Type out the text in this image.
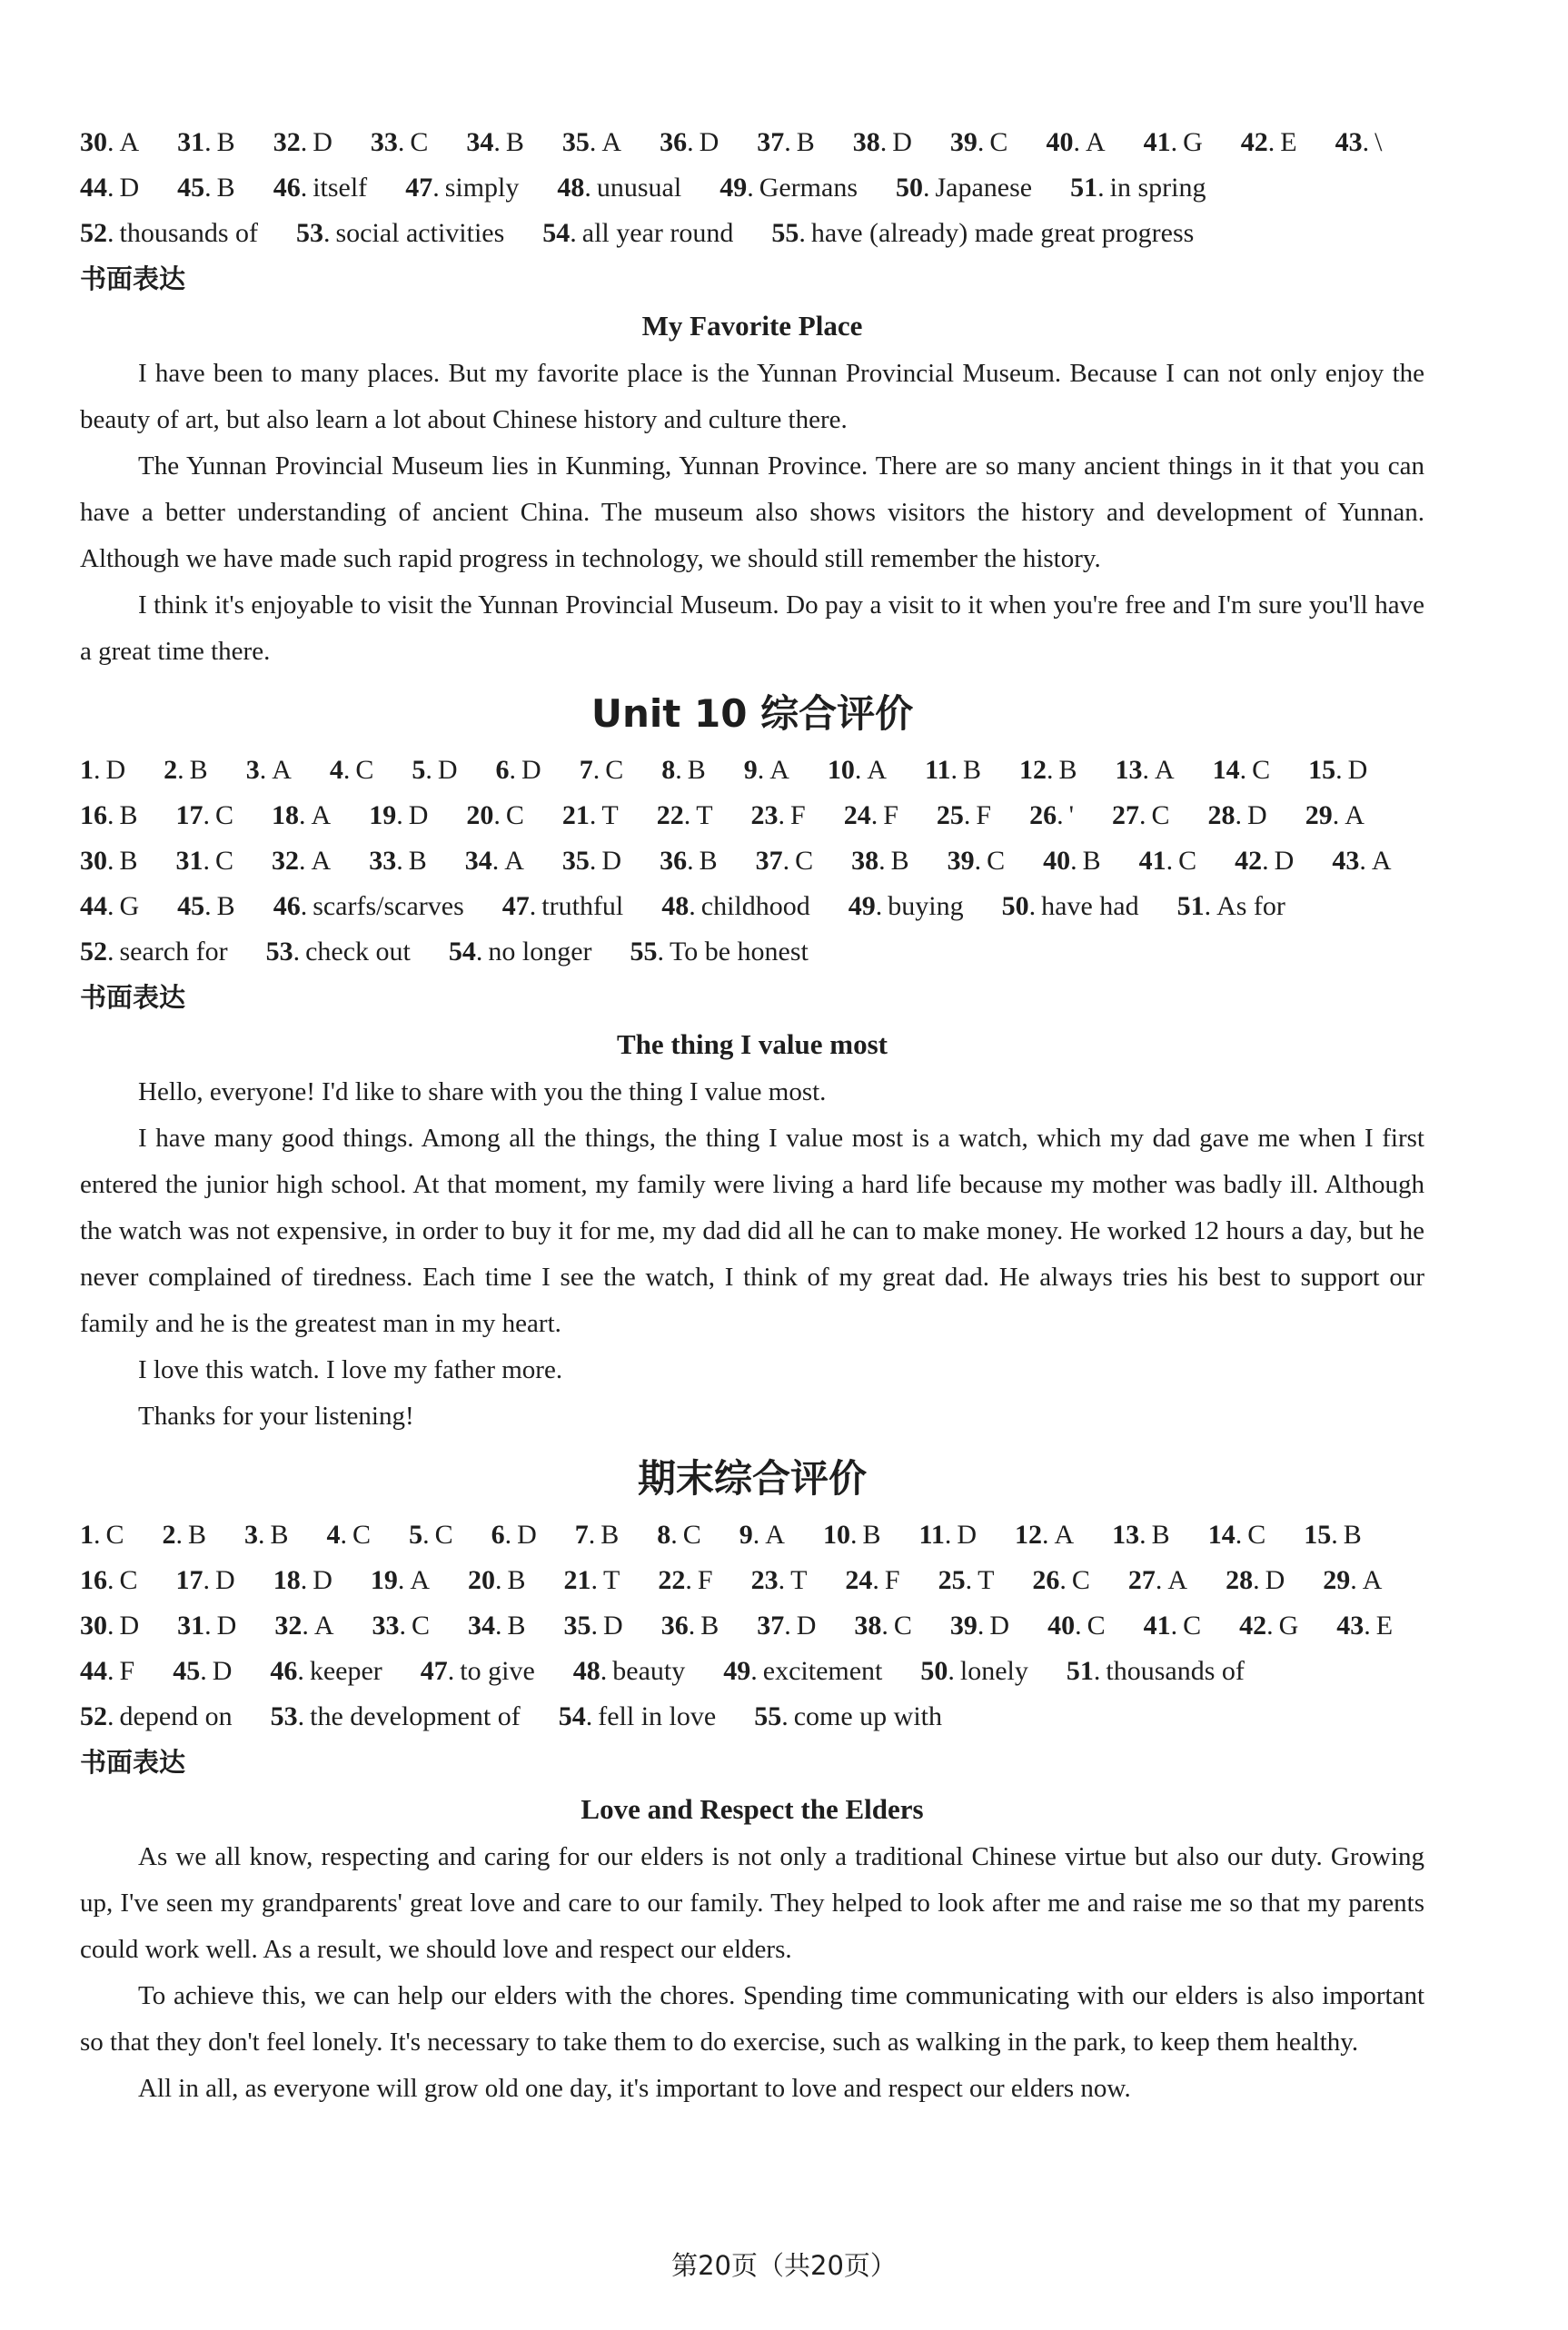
30. A 31. B 32. D 33. C 34. B 35. A 36. D 37. B 38. D 39. C 40. A 41. G 42. E 43. \
44. D 45. B 46. itself 47. simply 48. unusual 49. Germans 50. Japanese 51. in spring
52. thousands of 53. social activities 54. all year round 55. have (already) made great progress
书面表达
My Favorite Place

I have been to many places. But my favorite place is the Yunnan Provincial Museum. Because I can not only enjoy the beauty of art, but also learn a lot about Chinese history and culture there.

The Yunnan Provincial Museum lies in Kunming, Yunnan Province. There are so many ancient things in it that you can have a better understanding of ancient China. The museum also shows visitors the history and development of Yunnan. Although we have made such rapid progress in technology, we should still remember the history.

I think it's enjoyable to visit the Yunnan Provincial Museum. Do pay a visit to it when you're free and I'm sure you'll have a great time there.

Unit 10 综合评价
1. D 2. B 3. A 4. C 5. D 6. D 7. C 8. B 9. A 10. A 11. B 12. B 13. A 14. C 15. D
16. B 17. C 18. A 19. D 20. C 21. T 22. T 23. F 24. F 25. F 26. ' 27. C 28. D 29. A
30. B 31. C 32. A 33. B 34. A 35. D 36. B 37. C 38. B 39. C 40. B 41. C 42. D 43. A
44. G 45. B 46. scarfs/scarves 47. truthful 48. childhood 49. buying 50. have had 51. As for
52. search for 53. check out 54. no longer 55. To be honest
书面表达
The thing I value most

Hello, everyone! I'd like to share with you the thing I value most.

I have many good things. Among all the things, the thing I value most is a watch, which my dad gave me when I first entered the junior high school. At that moment, my family were living a hard life because my mother was badly ill. Although the watch was not expensive, in order to buy it for me, my dad did all he can to make money. He worked 12 hours a day, but he never complained of tiredness. Each time I see the watch, I think of my great dad. He always tries his best to support our family and he is the greatest man in my heart.

I love this watch. I love my father more.

Thanks for your listening!

期末综合评价
1. C 2. B 3. B 4. C 5. C 6. D 7. B 8. C 9. A 10. B 11. D 12. A 13. B 14. C 15. B
16. C 17. D 18. D 19. A 20. B 21. T 22. F 23. T 24. F 25. T 26. C 27. A 28. D 29. A
30. D 31. D 32. A 33. C 34. B 35. D 36. B 37. D 38. C 39. D 40. C 41. C 42. G 43. E
44. F 45. D 46. keeper 47. to give 48. beauty 49. excitement 50. lonely 51. thousands of
52. depend on 53. the development of 54. fell in love 55. come up with
书面表达
Love and Respect the Elders

As we all know, respecting and caring for our elders is not only a traditional Chinese virtue but also our duty. Growing up, I've seen my grandparents' great love and care to our family. They helped to look after me and raise me so that my parents could work well. As a result, we should love and respect our elders.

To achieve this, we can help our elders with the chores. Spending time communicating with our elders is also important so that they don't feel lonely. It's necessary to take them to do exercise, such as walking in the park, to keep them healthy.

All in all, as everyone will grow old one day, it's important to love and respect our elders now.

第20页（共20页）
